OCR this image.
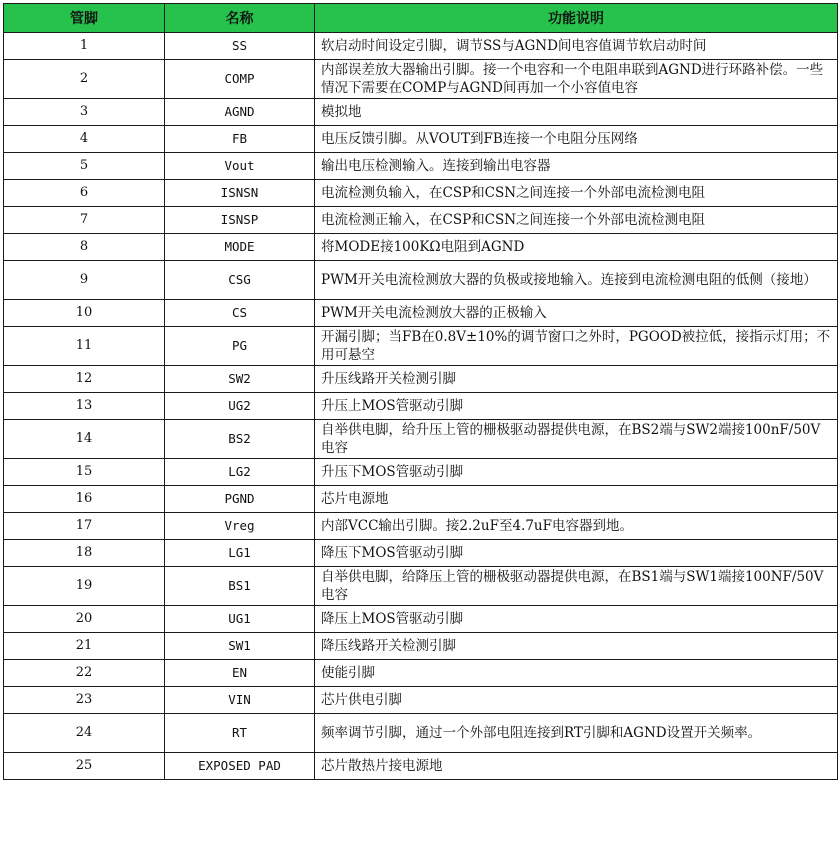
管脚	名称	功能说明
1	SS	软启动时间设定引脚，调节SS与AGND间电容值调节软启动时间
2	COMP	内部误差放大器输出引脚。接一个电容和一个电阻串联到AGND进行环路补偿。一些情况下需要在COMP与AGND间再加一个小容值电容
3	AGND	模拟地
4	FB	电压反馈引脚。从VOUT到FB连接一个电阻分压网络
5	Vout	输出电压检测输入。连接到输出电容器
6	ISNSN	电流检测负输入，在CSP和CSN之间连接一个外部电流检测电阻
7	ISNSP	电流检测正输入，在CSP和CSN之间连接一个外部电流检测电阻
8	MODE	将MODE接100KΩ电阻到AGND
9	CSG	PWM开关电流检测放大器的负极或接地输入。连接到电流检测电阻的低侧（接地）
10	CS	PWM开关电流检测放大器的正极输入
11	PG	开漏引脚；当FB在0.8V±10%的调节窗口之外时，PGOOD被拉低，接指示灯用；不用可悬空
12	SW2	升压线路开关检测引脚
13	UG2	升压上MOS管驱动引脚
14	BS2	自举供电脚，给升压上管的栅极驱动器提供电源，在BS2端与SW2端接100nF/50V电容
15	LG2	升压下MOS管驱动引脚
16	PGND	芯片电源地
17	Vreg	内部VCC输出引脚。接2.2uF至4.7uF电容器到地。
18	LG1	降压下MOS管驱动引脚
19	BS1	自举供电脚，给降压上管的栅极驱动器提供电源，在BS1端与SW1端接100NF/50V电容
20	UG1	降压上MOS管驱动引脚
21	SW1	降压线路开关检测引脚
22	EN	使能引脚
23	VIN	芯片供电引脚
24	RT	频率调节引脚，通过一个外部电阻连接到RT引脚和AGND设置开关频率。
25	EXPOSED PAD	芯片散热片接电源地
